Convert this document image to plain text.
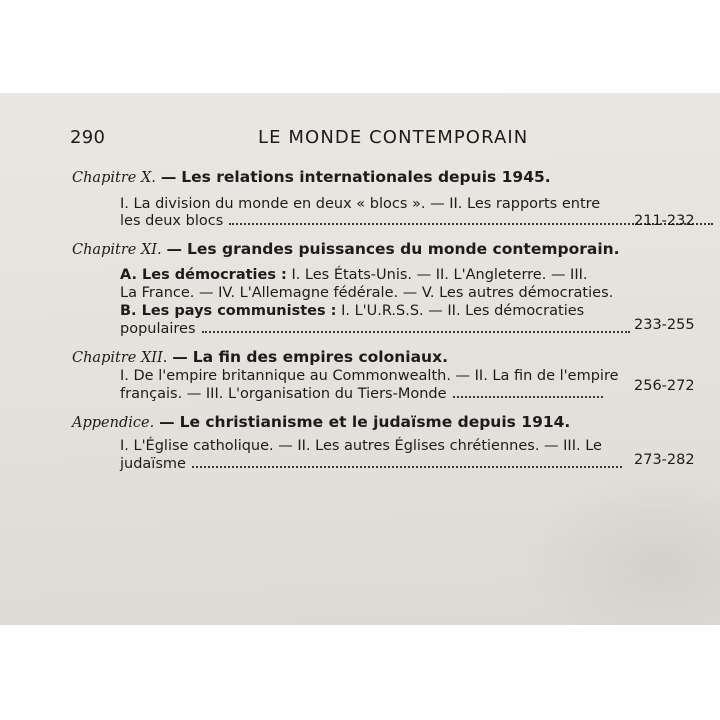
290	LE MONDE CONTEMPORAIN
Chapitre X. — Les relations internationales depuis 1945.
I. La division du monde en deux « blocs ». — II. Les rapports entre
les deux blocs	211-232
Chapitre XI. — Les grandes puissances du monde contemporain.
A. Les démocraties : I. Les États-Unis. — II. L'Angleterre. — III.
La France. — IV. L'Allemagne fédérale. — V. Les autres démocraties.
B. Les pays communistes : I. L'U.R.S.S. — II. Les démocraties
populaires	233-255
Chapitre XII. — La fin des empires coloniaux.
I. De l'empire britannique au Commonwealth. — II. La fin de l'empire
français. — III. L'organisation du Tiers-Monde	256-272
Appendice. — Le christianisme et le judaïsme depuis 1914.
I. L'Église catholique. — II. Les autres Églises chrétiennes. — III. Le
judaïsme	273-282
